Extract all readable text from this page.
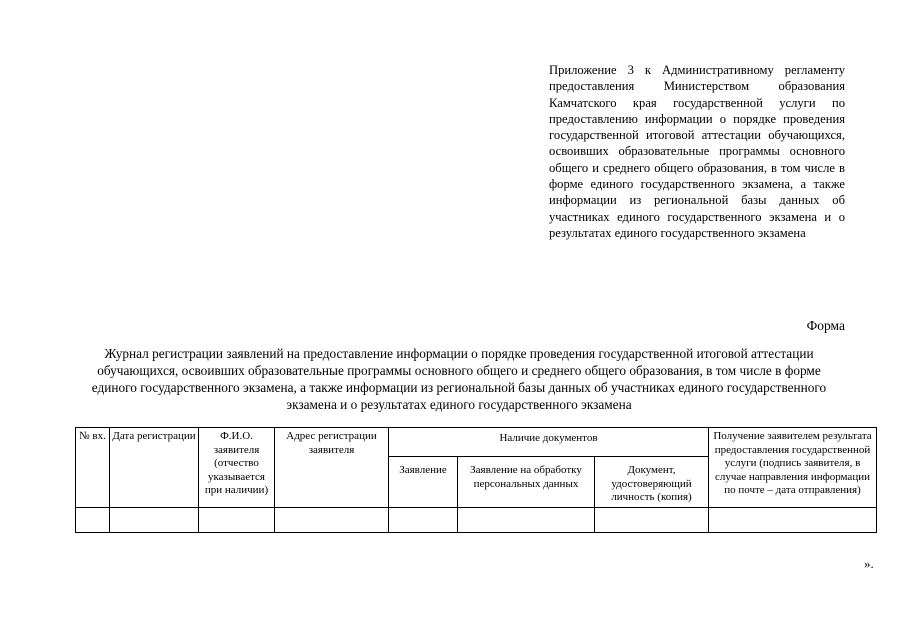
Приложение 3 к Административному регламенту предоставления Министерством образования Камчатского края государственной услуги по предоставлению информации о порядке проведения государственной итоговой аттестации обучающихся, освоивших образовательные программы основного общего и среднего общего образования, в том числе в форме единого государственного экзамена, а также информации из региональной базы данных об участниках единого государственного экзамена и о результатах единого государственного экзамена
Форма
Журнал регистрации заявлений на предоставление информации о порядке проведения государственной итоговой аттестации обучающихся, освоивших образовательные программы основного общего и среднего общего образования, в том числе в форме единого государственного экзамена, а также информации из региональной базы данных об участниках единого государственного экзамена и о результатах единого государственного экзамена
№ вх.	Дата регистрации	Ф.И.О. заявителя (отчество указывается при наличии)	Адрес регистрации заявителя	Наличие документов			Получение заявителем результата предоставления государственной услуги (подпись заявителя, в случае направления информации по почте – дата отправления)
				Заявление	Заявление на обработку персональных данных	Документ, удостоверяющий личность (копия)	

».
